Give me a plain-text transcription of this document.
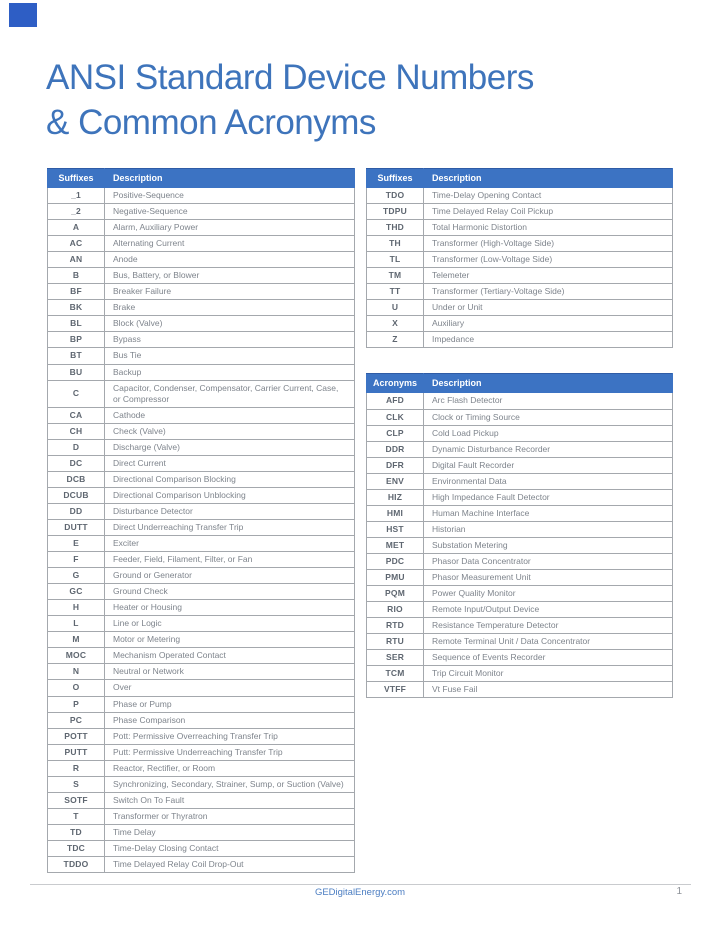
ANSI Standard Device Numbers
& Common Acronyms
Suffixes	Description
_1	Positive-Sequence
_2	Negative-Sequence
A	Alarm, Auxiliary Power
AC	Alternating Current
AN	Anode
B	Bus, Battery, or Blower
BF	Breaker Failure
BK	Brake
BL	Block (Valve)
BP	Bypass
BT	Bus Tie
BU	Backup
C	Capacitor, Condenser, Compensator, Carrier Current, Case, or Compressor
CA	Cathode
CH	Check (Valve)
D	Discharge (Valve)
DC	Direct Current
DCB	Directional Comparison Blocking
DCUB	Directional Comparison Unblocking
DD	Disturbance Detector
DUTT	Direct Underreaching Transfer Trip
E	Exciter
F	Feeder, Field, Filament, Filter, or Fan
G	Ground or Generator
GC	Ground Check
H	Heater or Housing
L	Line or Logic
M	Motor or Metering
MOC	Mechanism Operated Contact
N	Neutral or Network
O	Over
P	Phase or Pump
PC	Phase Comparison
POTT	Pott: Permissive Overreaching Transfer Trip
PUTT	Putt: Permissive Underreaching Transfer Trip
R	Reactor, Rectifier, or Room
S	Synchronizing, Secondary, Strainer, Sump, or Suction (Valve)
SOTF	Switch On To Fault
T	Transformer or Thyratron
TD	Time Delay
TDC	Time-Delay Closing Contact
TDDO	Time Delayed Relay Coil Drop-Out
Suffixes	Description
TDO	Time-Delay Opening Contact
TDPU	Time Delayed Relay Coil Pickup
THD	Total Harmonic Distortion
TH	Transformer (High-Voltage Side)
TL	Transformer (Low-Voltage Side)
TM	Telemeter
TT	Transformer (Tertiary-Voltage Side)
U	Under or Unit
X	Auxiliary
Z	Impedance
Acronyms	Description
AFD	Arc Flash Detector
CLK	Clock or Timing Source
CLP	Cold Load Pickup
DDR	Dynamic Disturbance Recorder
DFR	Digital Fault Recorder
ENV	Environmental Data
HIZ	High Impedance Fault Detector
HMI	Human Machine Interface
HST	Historian
MET	Substation Metering
PDC	Phasor Data Concentrator
PMU	Phasor Measurement Unit
PQM	Power Quality Monitor
RIO	Remote Input/Output Device
RTD	Resistance Temperature Detector
RTU	Remote Terminal Unit / Data Concentrator
SER	Sequence of Events Recorder
TCM	Trip Circuit Monitor
VTFF	Vt Fuse Fail
GEDigitalEnergy.com	1
